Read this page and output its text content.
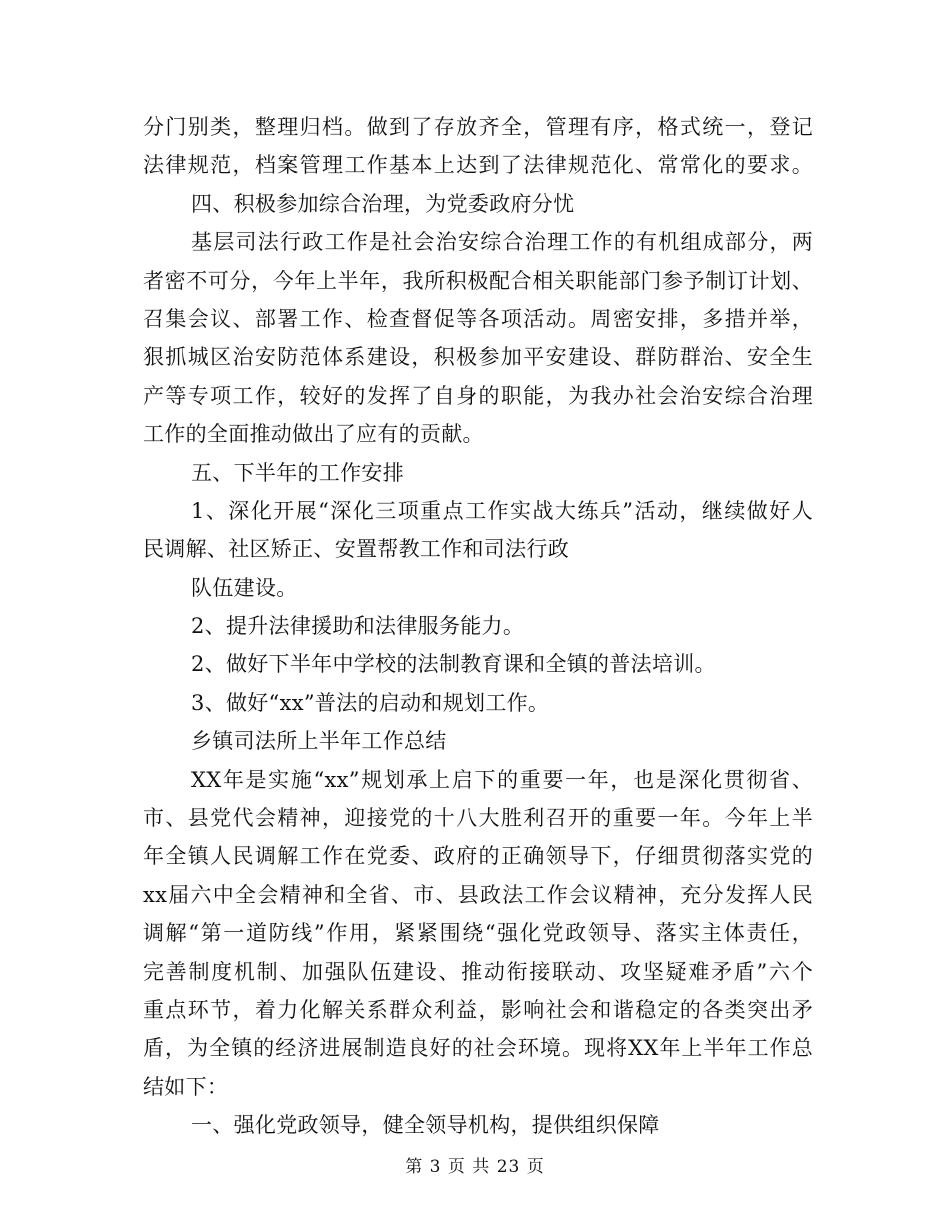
分门别类，整理归档。做到了存放齐全，管理有序，格式统一，登记
法律规范，档案管理工作基本上达到了法律规范化、常常化的要求。
四、积极参加综合治理，为党委政府分忧
基层司法行政工作是社会治安综合治理工作的有机组成部分，两
者密不可分，今年上半年，我所积极配合相关职能部门参予制订计划、
召集会议、部署工作、检查督促等各项活动。周密安排，多措并举，
狠抓城区治安防范体系建设，积极参加平安建设、群防群治、安全生
产等专项工作，较好的发挥了自身的职能，为我办社会治安综合治理
工作的全面推动做出了应有的贡献。
五、下半年的工作安排
1、深化开展“深化三项重点工作实战大练兵”活动，继续做好人
民调解、社区矫正、安置帮教工作和司法行政
队伍建设。
2、提升法律援助和法律服务能力。
2、做好下半年中学校的法制教育课和全镇的普法培训。
3、做好“xx”普法的启动和规划工作。
乡镇司法所上半年工作总结
XX年是实施“xx”规划承上启下的重要一年，也是深化贯彻省、
市、县党代会精神，迎接党的十八大胜利召开的重要一年。今年上半
年全镇人民调解工作在党委、政府的正确领导下，仔细贯彻落实党的
xx届六中全会精神和全省、市、县政法工作会议精神，充分发挥人民
调解“第一道防线”作用，紧紧围绕“强化党政领导、落实主体责任，
完善制度机制、加强队伍建设、推动衔接联动、攻坚疑难矛盾”六个
重点环节，着力化解关系群众利益，影响社会和谐稳定的各类突出矛
盾，为全镇的经济进展制造良好的社会环境。现将XX年上半年工作总
结如下：
一、强化党政领导，健全领导机构，提供组织保障
第 3 页 共 23 页
